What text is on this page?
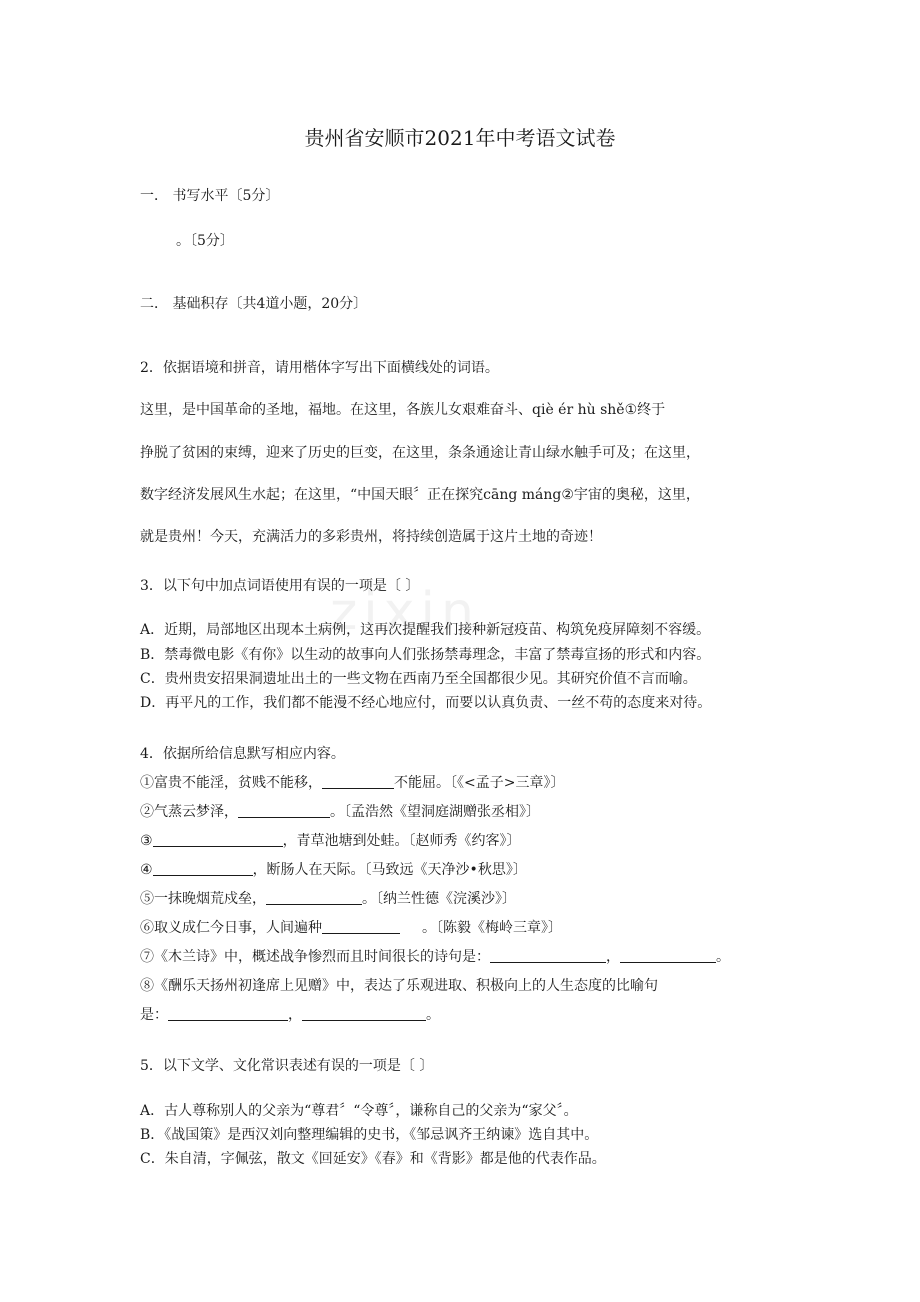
zixin
贵州省安顺市2021年中考语文试卷
一． 书写水平〔5分〕
。〔5分〕
二． 基础积存〔共4道小题，20分〕
2．依据语境和拼音，请用楷体字写出下面横线处的词语。
这里，是中国革命的圣地，福地。在这里，各族儿女艰难奋斗、qiè ér hù shě①终于
挣脱了贫困的束缚，迎来了历史的巨变，在这里，条条通途让青山绿水触手可及；在这里，
数字经济发展风生水起；在这里，“中国天眼〞正在探究cāng máng②宇宙的奥秘，这里，
就是贵州！今天，充满活力的多彩贵州，将持续创造属于这片土地的奇迹！
3．以下句中加点词语使用有误的一项是〔 〕
A．近期，局部地区出现本土病例，这再次提醒我们接种新冠疫苗、构筑免疫屏障刻不容缓。
B．禁毒微电影《有你》以生动的故事向人们张扬禁毒理念，丰富了禁毒宣扬的形式和内容。
C．贵州贵安招果洞遗址出土的一些文物在西南乃至全国都很少见。其研究价值不言而喻。
D．再平凡的工作，我们都不能漫不经心地应付，而要以认真负责、一丝不苟的态度来对待。
4．依据所给信息默写相应内容。
①富贵不能淫，贫贱不能移，	不能屈。〔《<孟子>三章》〕
②气蒸云梦泽，	。〔孟浩然《望洞庭湖赠张丞相》〕
③	，青草池塘到处蛙。〔赵师秀《约客》〕
④	，断肠人在天际。〔马致远《天净沙•秋思》〕
⑤一抹晚烟荒戍垒，	。〔纳兰性德《浣溪沙》〕
⑥取义成仁今日事，人间遍种	。〔陈毅《梅岭三章》〕
⑦《木兰诗》中，概述战争惨烈而且时间很长的诗句是：	，	。
⑧《酬乐天扬州初逢席上见赠》中，表达了乐观进取、积极向上的人生态度的比喻句
是：	，	。
5．以下文学、文化常识表述有误的一项是〔 〕
A．古人尊称别人的父亲为“尊君〞“令尊〞，谦称自己的父亲为“家父〞。
B．《战国策》是西汉刘向整理编辑的史书，《邹忌讽齐王纳谏》选自其中。
C．朱自清，字佩弦，散文《回延安》《春》和《背影》都是他的代表作品。
